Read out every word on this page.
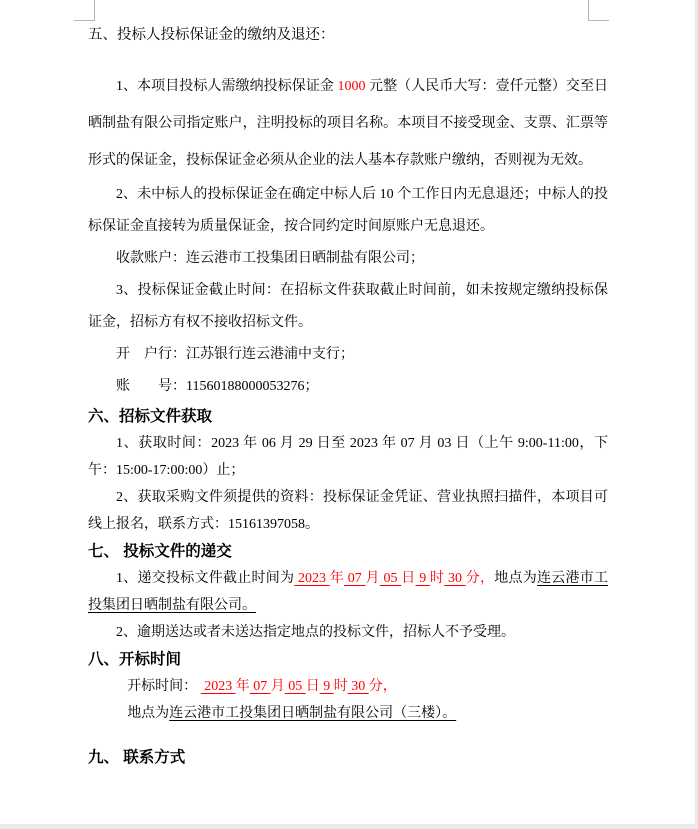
五、投标人投标保证金的缴纳及退还：
1、本项目投标人需缴纳投标保证金 1000 元整（人民币大写：壹仟元整）交至日晒制盐有限公司指定账户，注明投标的项目名称。本项目不接受现金、支票、汇票等形式的保证金，投标保证金必须从企业的法人基本存款账户缴纳，否则视为无效。
2、未中标人的投标保证金在确定中标人后 10 个工作日内无息退还；中标人的投标保证金直接转为质量保证金，按合同约定时间原账户无息退还。
收款账户：连云港市工投集团日晒制盐有限公司；
3、投标保证金截止时间：在招标文件获取截止时间前，如未按规定缴纳投标保证金，招标方有权不接收招标文件。
开　户行：江苏银行连云港浦中支行；
账　　号：11560188000053276；
六、招标文件获取
1、获取时间：2023 年 06 月 29 日至 2023 年 07 月 03 日（上午 9:00-11:00，下午：15:00-17:00:00）止；
2、获取采购文件须提供的资料：投标保证金凭证、营业执照扫描件，本项目可线上报名，联系方式：15161397058。
七、 投标文件的递交
1、递交投标文件截止时间为 2023 年 07 月 05 日 9 时 30 分，地点为连云港市工投集团日晒制盐有限公司。
2、逾期送达或者未送达指定地点的投标文件，招标人不予受理。
八、开标时间
开标时间：  2023 年 07 月 05 日 9 时 30 分，
地点为连云港市工投集团日晒制盐有限公司（三楼）。
九、 联系方式
